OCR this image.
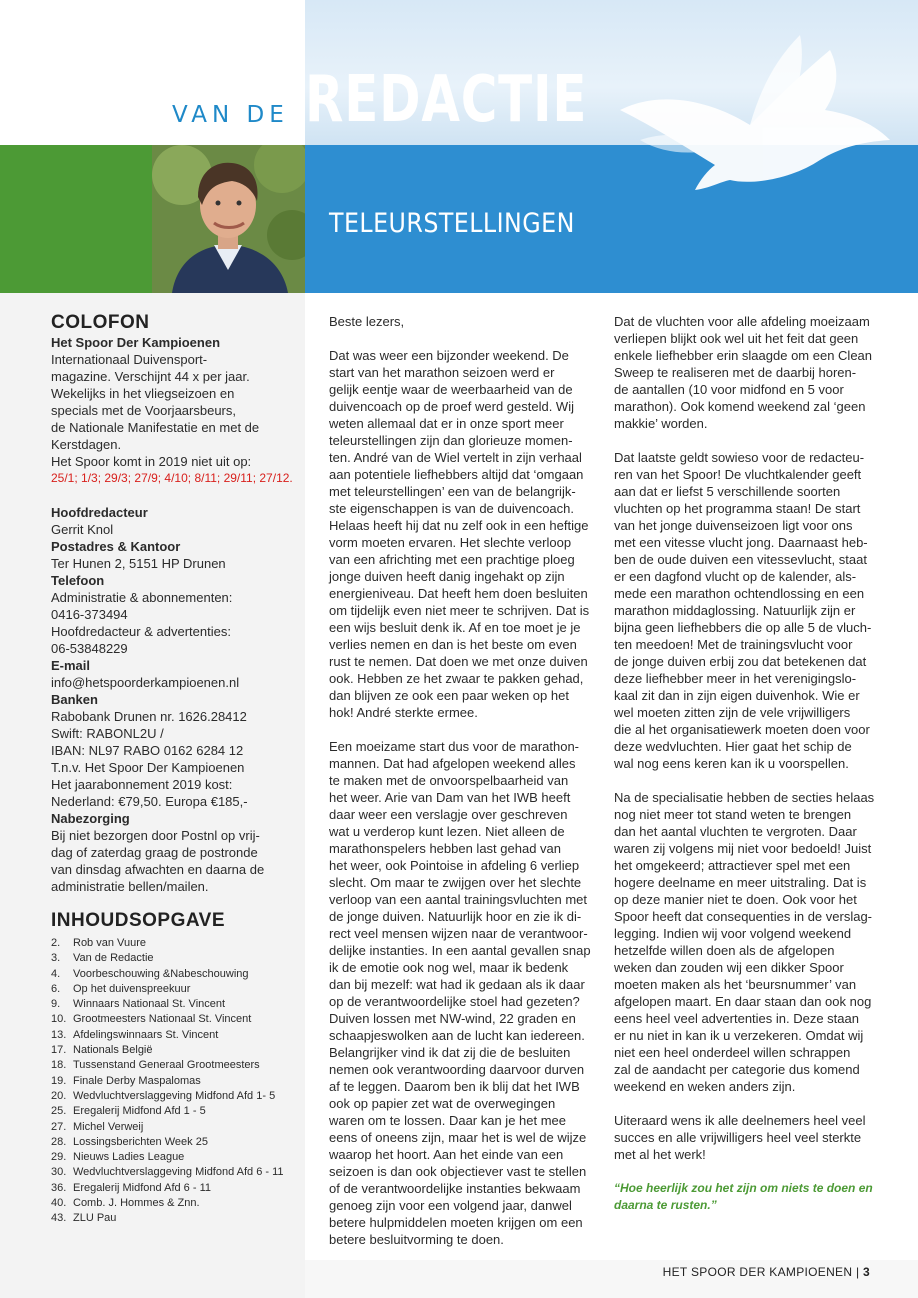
VAN DE REDACTIE
TELEURSTELLINGEN
COLOFON
Het Spoor Der Kampioenen
Internationaal Duivensport-
magazine. Verschijnt 44 x per jaar.
Wekelijks in het vliegseizoen en
specials met de Voorjaarsbeurs,
de Nationale Manifestatie en met de
Kerstdagen.
Het Spoor komt in 2019 niet uit op:
25/1; 1/3; 29/3; 27/9; 4/10; 8/11; 29/11; 27/12.
Hoofdredacteur
Gerrit Knol
Postadres & Kantoor
Ter Hunen 2, 5151 HP Drunen
Telefoon
Administratie & abonnementen:
0416-373494
Hoofdredacteur & advertenties:
06-53848229
E-mail
info@hetspoorderkampioenen.nl
Banken
Rabobank Drunen nr. 1626.28412
Swift: RABONL2U /
IBAN: NL97 RABO 0162 6284 12
T.n.v. Het Spoor Der Kampioenen
Het jaarabonnement 2019 kost:
Nederland: €79,50. Europa €185,-
Nabezorging
Bij niet bezorgen door Postnl op vrij-
dag of zaterdag graag de postronde
van dinsdag afwachten en daarna de
administratie bellen/mailen.
INHOUDSOPGAVE
2.	Rob van Vuure
3.	Van de Redactie
4.	Voorbeschouwing &Nabeschouwing
6.	Op het duivenspreekuur
9.	Winnaars Nationaal St. Vincent
10. Grootmeesters Nationaal St. Vincent
13. Afdelingswinnaars St. Vincent
17. Nationals België
18. Tussenstand Generaal Grootmeesters
19. Finale Derby Maspalomas
20. Wedvluchtverslaggeving Midfond Afd 1- 5
25. Eregalerij Midfond Afd 1 - 5
27. Michel Verweij
28. Lossingsberichten Week 25
29. Nieuws Ladies League
30. Wedvluchtverslaggeving Midfond Afd 6 - 11
36. Eregalerij Midfond Afd 6 - 11
40. Comb. J. Hommes & Znn.
43. ZLU Pau

Beste lezers,

Dat was weer een bijzonder weekend. De
start van het marathon seizoen werd er
gelijk eentje waar de weerbaarheid van de
duivencoach op de proef werd gesteld. Wij
weten allemaal dat er in onze sport meer
teleurstellingen zijn dan glorieuze momen-
ten. André van de Wiel vertelt in zijn verhaal
aan potentiele liefhebbers altijd dat ‘omgaan
met teleurstellingen’ een van de belangrijk-
ste eigenschappen is van de duivencoach.
Helaas heeft hij dat nu zelf ook in een heftige
vorm moeten ervaren. Het slechte verloop
van een africhting met een prachtige ploeg
jonge duiven heeft danig ingehakt op zijn
energieniveau. Dat heeft hem doen besluiten
om tijdelijk even niet meer te schrijven. Dat is
een wijs besluit denk ik. Af en toe moet je je
verlies nemen en dan is het beste om even
rust te nemen. Dat doen we met onze duiven
ook. Hebben ze het zwaar te pakken gehad,
dan blijven ze ook een paar weken op het
hok! André sterkte ermee.

Een moeizame start dus voor de marathon-
mannen. Dat had afgelopen weekend alles
te maken met de onvoorspelbaarheid van
het weer. Arie van Dam van het IWB heeft
daar weer een verslagje over geschreven
wat u verderop kunt lezen. Niet alleen de
marathonspelers hebben last gehad van
het weer, ook Pointoise in afdeling 6 verliep
slecht. Om maar te zwijgen over het slechte
verloop van een aantal trainingsvluchten met
de jonge duiven. Natuurlijk hoor en zie ik di-
rect veel mensen wijzen naar de verantwoor-
delijke instanties. In een aantal gevallen snap
ik de emotie ook nog wel, maar ik bedenk
dan bij mezelf: wat had ik gedaan als ik daar
op de verantwoordelijke stoel had gezeten?
Duiven lossen met NW-wind, 22 graden en
schaapjeswolken aan de lucht kan iedereen.
Belangrijker vind ik dat zij die de besluiten
nemen ook verantwoording daarvoor durven
af te leggen. Daarom ben ik blij dat het IWB
ook op papier zet wat de overwegingen
waren om te lossen. Daar kan je het mee
eens of oneens zijn, maar het is wel de wijze
waarop het hoort. Aan het einde van een
seizoen is dan ook objectiever vast te stellen
of de verantwoordelijke instanties bekwaam
genoeg zijn voor een volgend jaar, danwel
betere hulpmiddelen moeten krijgen om een
betere besluitvorming te doen.

Dat de vluchten voor alle afdeling moeizaam
verliepen blijkt ook wel uit het feit dat geen
enkele liefhebber erin slaagde om een Clean
Sweep te realiseren met de daarbij horen-
de aantallen (10 voor midfond en 5 voor
marathon). Ook komend weekend zal ‘geen
makkie’ worden.

Dat laatste geldt sowieso voor de redacteu-
ren van het Spoor! De vluchtkalender geeft
aan dat er liefst 5 verschillende soorten
vluchten op het programma staan! De start
van het jonge duivenseizoen ligt voor ons
met een vitesse vlucht jong. Daarnaast heb-
ben de oude duiven een vitessevlucht, staat
er een dagfond vlucht op de kalender, als-
mede een marathon ochtendlossing en een
marathon middaglossing. Natuurlijk zijn er
bijna geen liefhebbers die op alle 5 de vluch-
ten meedoen! Met de trainingsvlucht voor
de jonge duiven erbij zou dat betekenen dat
deze liefhebber meer in het verenigingslo-
kaal zit dan in zijn eigen duivenhok. Wie er
wel moeten zitten zijn de vele vrijwilligers
die al het organisatiewerk moeten doen voor
deze wedvluchten. Hier gaat het schip de
wal nog eens keren kan ik u voorspellen.

Na de specialisatie hebben de secties helaas
nog niet meer tot stand weten te brengen
dan het aantal vluchten te vergroten. Daar
waren zij volgens mij niet voor bedoeld! Juist
het omgekeerd; attractiever spel met een
hogere deelname en meer uitstraling. Dat is
op deze manier niet te doen. Ook voor het
Spoor heeft dat consequenties in de verslag-
legging. Indien wij voor volgend weekend
hetzelfde willen doen als de afgelopen
weken dan zouden wij een dikker Spoor
moeten maken als het ‘beursnummer’ van
afgelopen maart. En daar staan dan ook nog
eens heel veel advertenties in. Deze staan
er nu niet in kan ik u verzekeren. Omdat wij
niet een heel onderdeel willen schrappen
zal de aandacht per categorie dus komend
weekend en weken anders zijn.

Uiteraard wens ik alle deelnemers heel veel
succes en alle vrijwilligers heel veel sterkte
met al het werk!

“Hoe heerlijk zou het zijn om niets te doen en
daarna te rusten.”
HET SPOOR DER KAMPIOENEN | 3
